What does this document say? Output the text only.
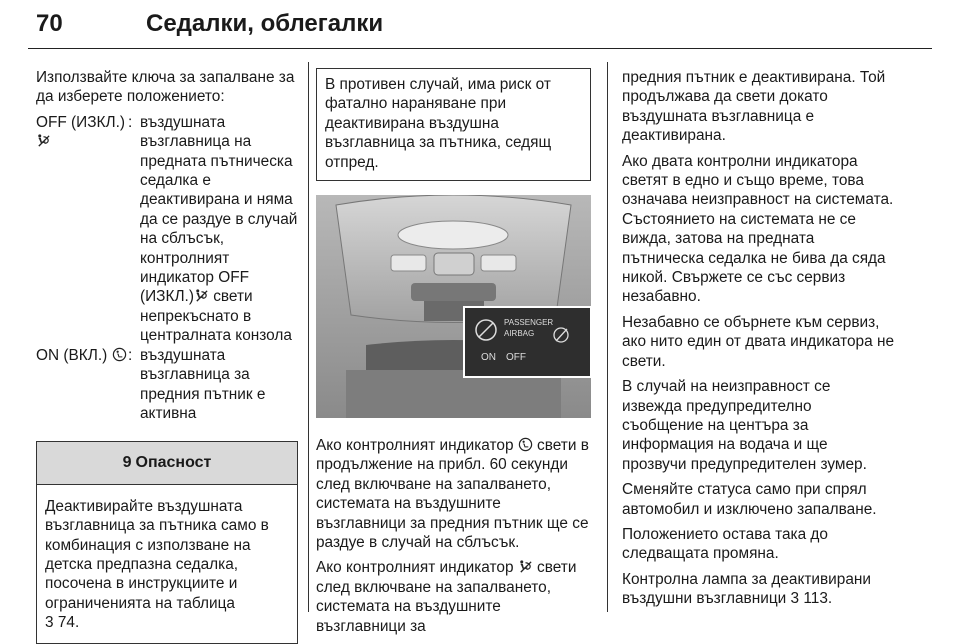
70	Седалки, облегалки

Използвайте ключа за запалване за да изберете положението:

OFF (ИЗКЛ.) : въздушната възглавница на предната пътническа седалка е деактивирана и няма да се раздуе в случай на сблъсък, контролният индикатор OFF (ИЗКЛ.) свети непрекъснато в централната конзола
ON (ВКЛ.)	: въздушната възглавница за предния пътник е активна
9 Опасност
Деактивирайте въздушната възглавница за пътника само в комбинация с използване на детска предпазна седалка, посочена в инструкциите и ограниченията на таблица
3 74.
В противен случай, има риск от фатално нараняване при деактивирана въздушна възглавница за пътника, седящ отпред.
PASSENGER
AIRBAG
ON OFF

Ако контролният индикатор  свети в продължение на прибл. 60 секунди след включване на запалването, системата на въздушните възглавници за предния пътник ще се раздуе в случай на сблъсък.

Ако контролният индикатор  свети след включване на запалването, системата на въздушните възглавници за

предния пътник е деактивирана. Той продължава да свети докато въздушната възглавница е деактивирана.

Ако двата контролни индикатора светят в едно и също време, това означава неизправност на системата. Състоянието на системата не се вижда, затова на предната пътническа седалка не бива да сяда никой. Свържете се със сервиз незабавно.

Незабавно се обърнете към сервиз, ако нито един от двата индикатора не свети.

В случай на неизправност се извежда предупредително съобщение на центъра за информация на водача и ще прозвучи предупредителен зумер.

Сменяйте статуса само при спрял автомобил и изключено запалване.

Положението остава така до следващата промяна.

Контролна лампа за деактивирани въздушни възглавници 3 113.
